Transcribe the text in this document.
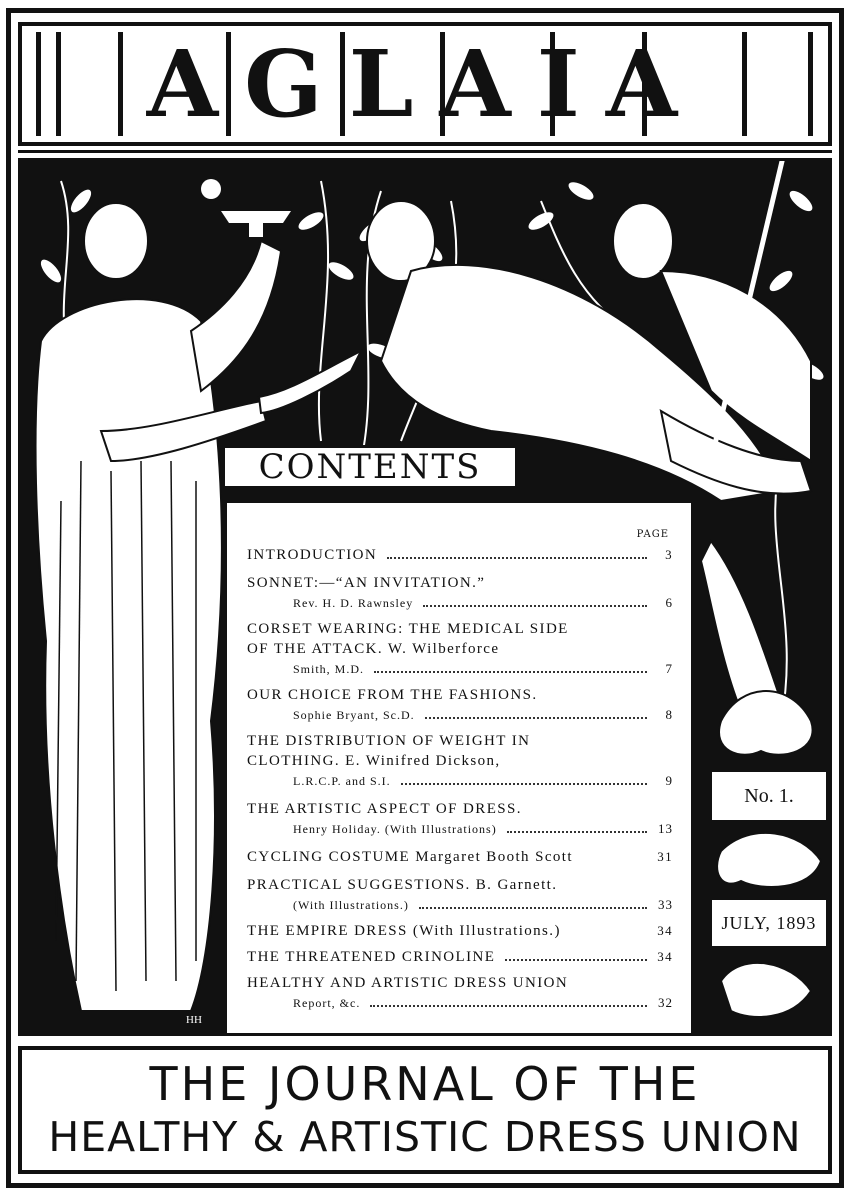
AGLAIA
CONTENTS
PAGE
INTRODUCTION	3
SONNET:—“AN INVITATION.”
Rev. H. D. Rawnsley	6
CORSET WEARING: THE MEDICAL SIDE
OF THE ATTACK. W. Wilberforce
Smith, M.D.	7
OUR CHOICE FROM THE FASHIONS.
Sophie Bryant, Sc.D.	8
THE DISTRIBUTION OF WEIGHT IN
CLOTHING. E. Winifred Dickson,
L.R.C.P. and S.I.	9
THE ARTISTIC ASPECT OF DRESS.
Henry Holiday. (With Illustrations)	13
CYCLING COSTUME Margaret Booth Scott	31
PRACTICAL SUGGESTIONS. B. Garnett.
(With Illustrations.)	33
THE EMPIRE DRESS (With Illustrations.)	34
THE THREATENED CRINOLINE	34
HEALTHY AND ARTISTIC DRESS UNION
Report, &c.	32
No. 1.
JULY, 1893
HH
THE JOURNAL OF THE
HEALTHY & ARTISTIC DRESS UNION
